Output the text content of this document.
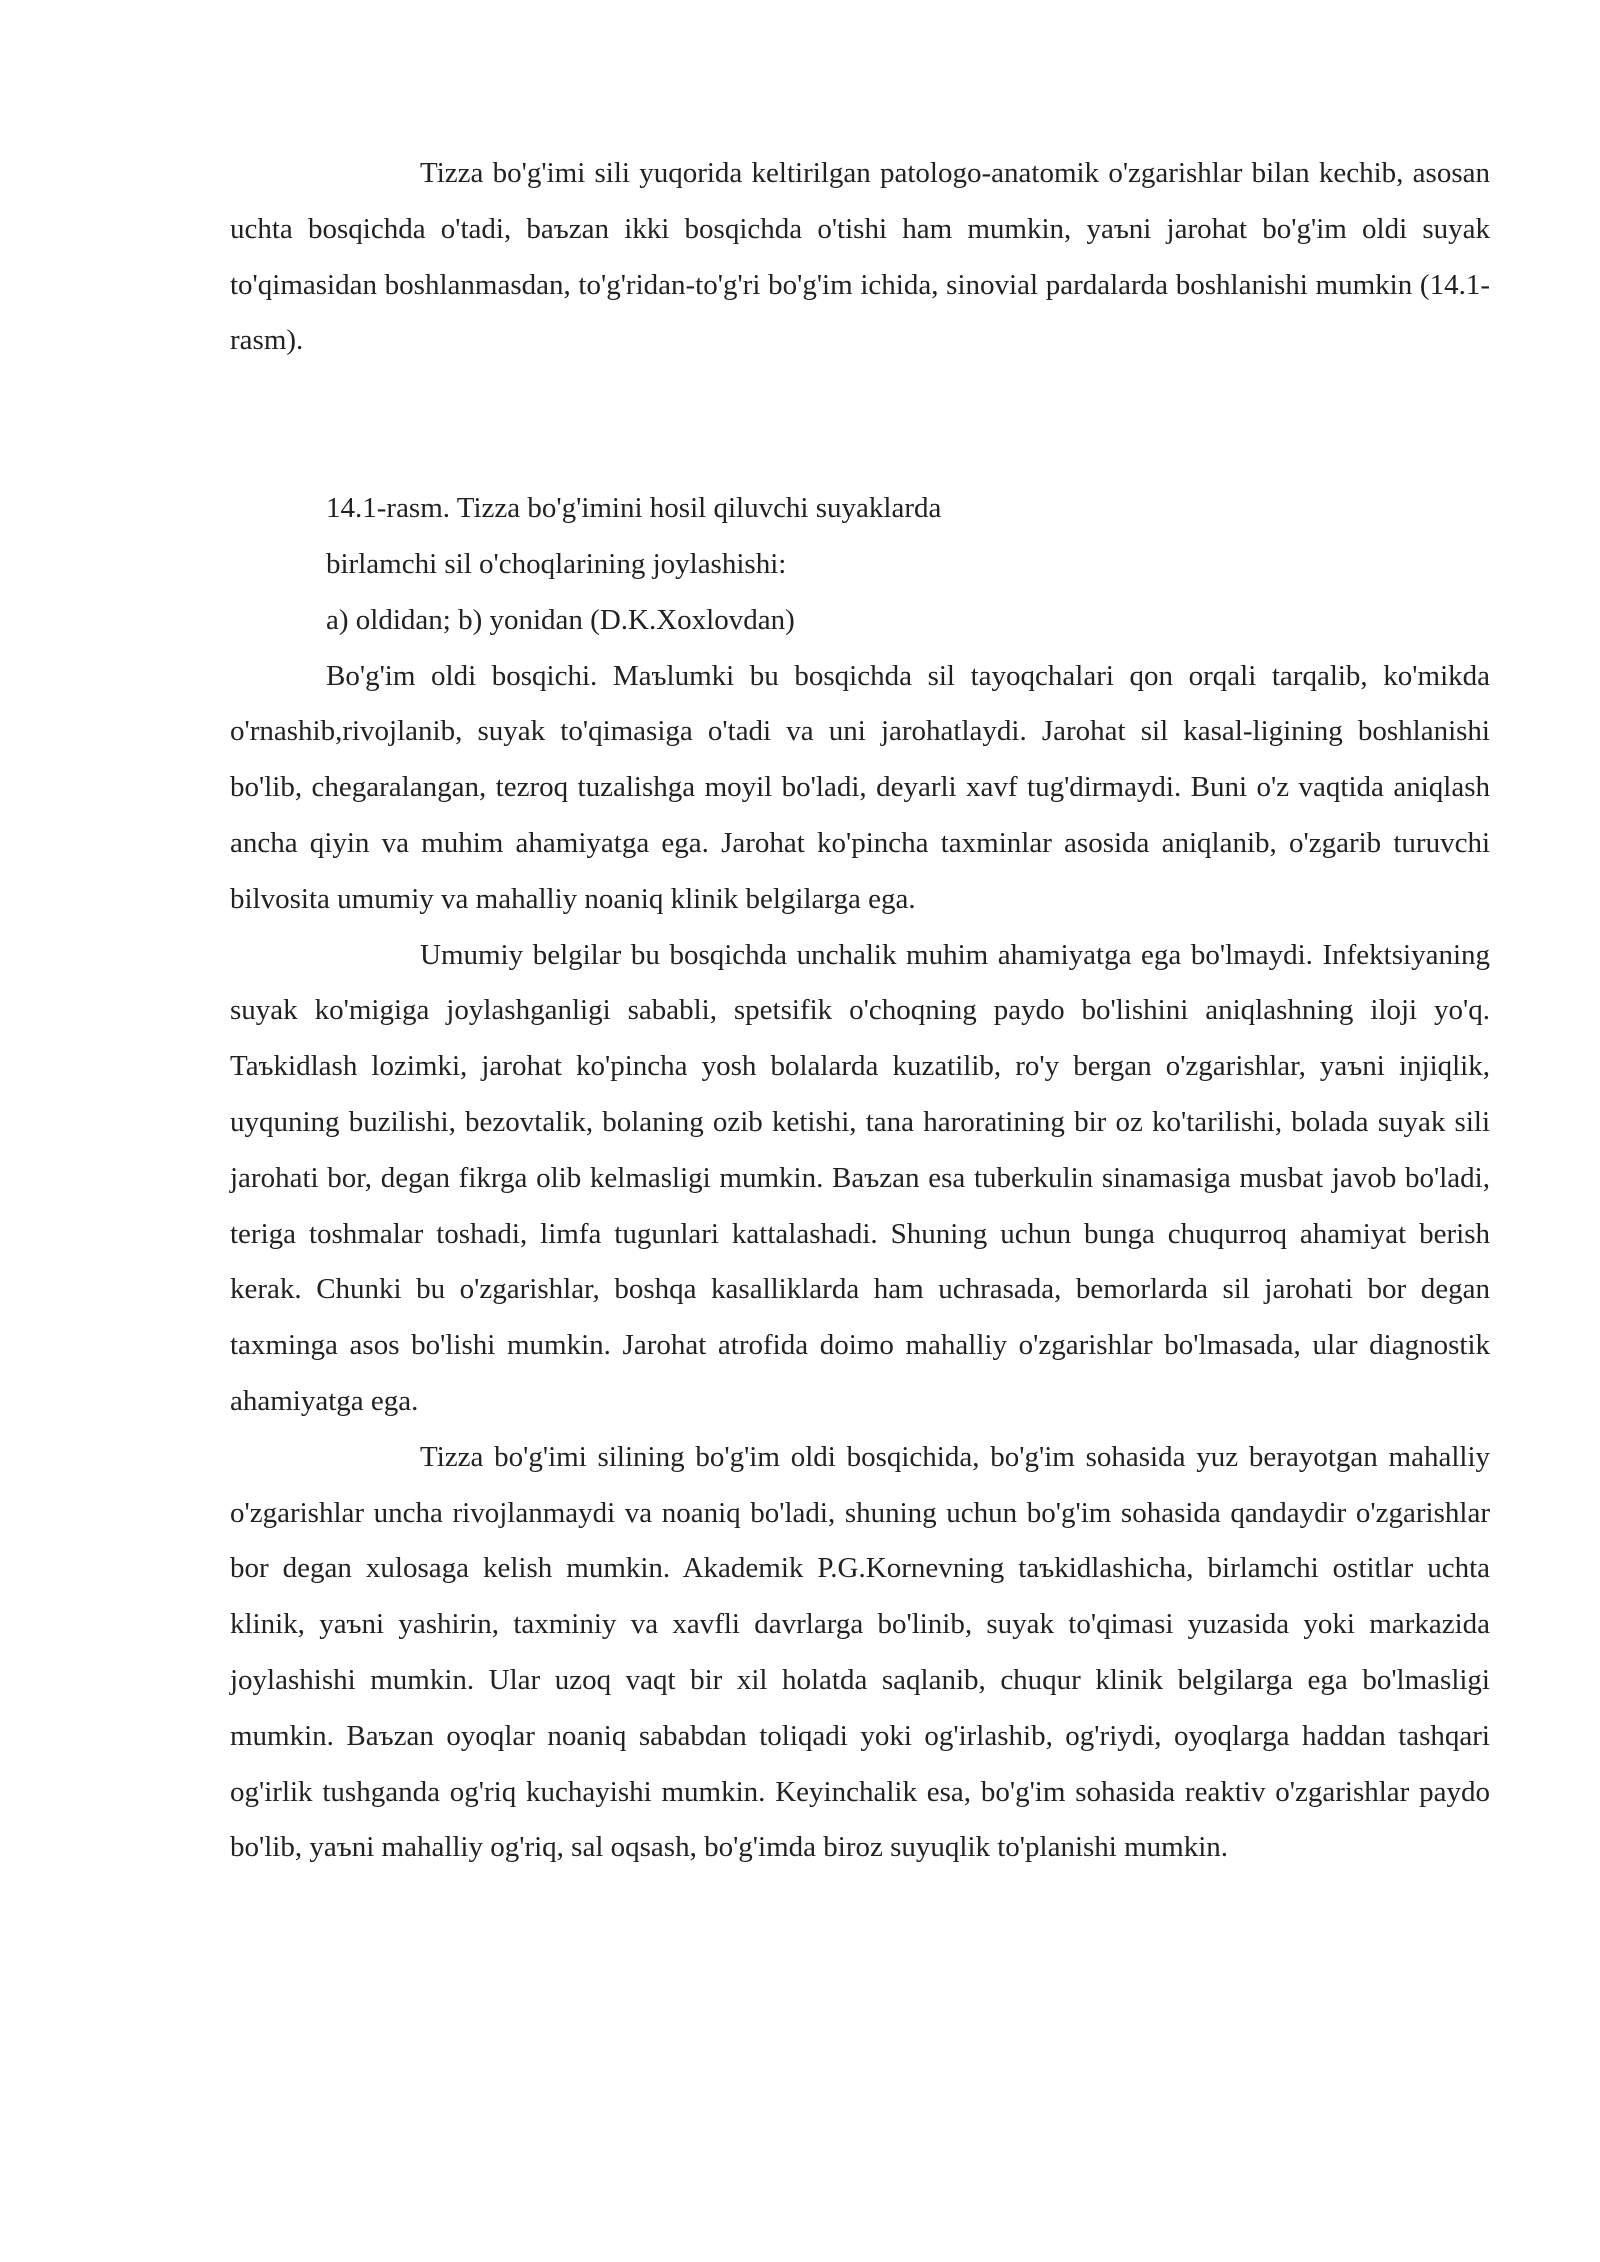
Tizza bo'g'imi sili yuqorida keltirilgan patologo-anatomik o'zgarishlar bilan kechib, asosan uchta bosqichda o'tadi, baъzan ikki bosqichda o'tishi ham mumkin, yaъni jarohat bo'g'im oldi suyak to'qimasidan boshlanmasdan, to'g'ridan-to'g'ri bo'g'im ichida, sinovial pardalarda boshlanishi mumkin (14.1-rasm).

14.1-rasm. Tizza bo'g'imini hosil qiluvchi suyaklarda
birlamchi sil o'choqlarining joylashishi:
a) oldidan; b) yonidan (D.K.Xoxlovdan)

Bo'g'im oldi bosqichi. Maъlumki bu bosqichda sil tayoqchalari qon orqali tarqalib, ko'mikda o'rnashib,rivojlanib, suyak to'qimasiga o'tadi va uni jarohatlaydi. Jarohat sil kasal-ligining boshlanishi bo'lib, chegaralangan, tezroq tuzalishga moyil bo'ladi, deyarli xavf tug'dirmaydi. Buni o'z vaqtida aniqlash ancha qiyin va muhim ahamiyatga ega. Jarohat ko'pincha taxminlar asosida aniqlanib, o'zgarib turuvchi bilvosita umumiy va mahalliy noaniq klinik belgilarga ega.

Umumiy belgilar bu bosqichda unchalik muhim ahamiyatga ega bo'lmaydi. Infektsiyaning suyak ko'migiga joylashganligi sababli, spetsifik o'choqning paydo bo'lishini aniqlashning iloji yo'q. Taъkidlash lozimki, jarohat ko'pincha yosh bolalarda kuzatilib, ro'y bergan o'zgarishlar, yaъni injiqlik, uyquning buzilishi, bezovtalik, bolaning ozib ketishi, tana haroratining bir oz ko'tarilishi, bolada suyak sili jarohati bor, degan fikrga olib kelmasligi mumkin. Baъzan esa tuberkulin sinamasiga musbat javob bo'ladi, teriga toshmalar toshadi, limfa tugunlari kattalashadi. Shuning uchun bunga chuqurroq ahamiyat berish kerak. Chunki bu o'zgarishlar, boshqa kasalliklarda ham uchrasada, bemorlarda sil jarohati bor degan taxminga asos bo'lishi mumkin. Jarohat atrofida doimo mahalliy o'zgarishlar bo'lmasada, ular diagnostik ahamiyatga ega.

Tizza bo'g'imi silining bo'g'im oldi bosqichida, bo'g'im sohasida yuz berayotgan mahalliy o'zgarishlar uncha rivojlanmaydi va noaniq bo'ladi, shuning uchun bo'g'im sohasida qandaydir o'zgarishlar bor degan xulosaga kelish mumkin. Akademik P.G.Kornevning taъkidlashicha, birlamchi ostitlar uchta klinik, yaъni yashirin, taxminiy va xavfli davrlarga bo'linib, suyak to'qimasi yuzasida yoki markazida joylashishi mumkin. Ular uzoq vaqt bir xil holatda saqlanib, chuqur klinik belgilarga ega bo'lmasligi mumkin. Baъzan oyoqlar noaniq sababdan toliqadi yoki og'irlashib, og'riydi, oyoqlarga haddan tashqari og'irlik tushganda og'riq kuchayishi mumkin. Keyinchalik esa, bo'g'im sohasida reaktiv o'zgarishlar paydo bo'lib, yaъni mahalliy og'riq, sal oqsash, bo'g'imda biroz suyuqlik to'planishi mumkin.
